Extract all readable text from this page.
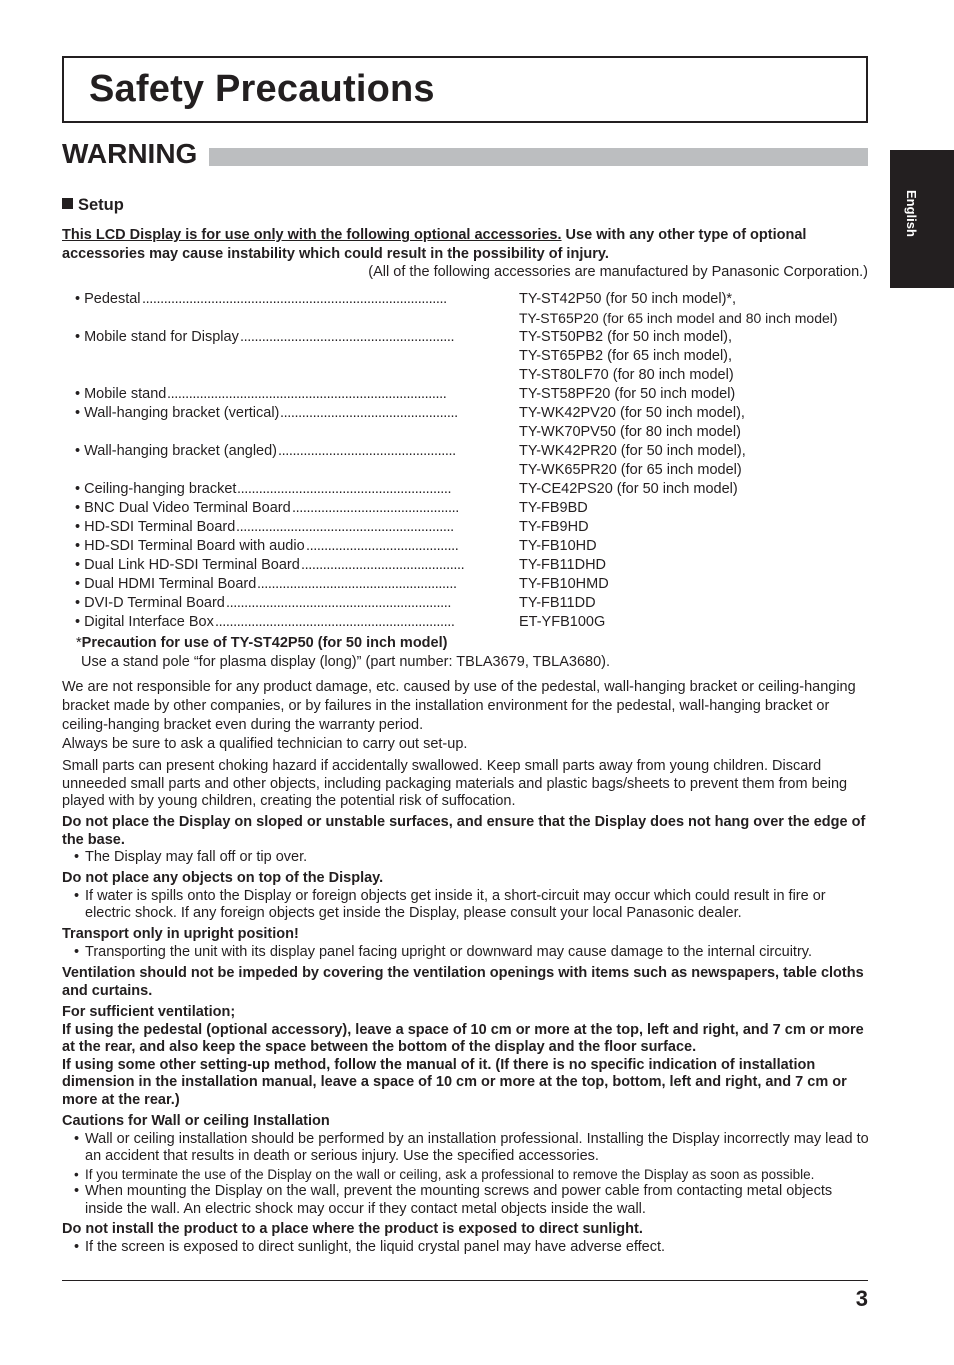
Safety Precautions
WARNING
English
Setup
This LCD Display is for use only with the following optional accessories. Use with any other type of optional accessories may cause instability which could result in the possibility of injury.
(All of the following accessories are manufactured by Panasonic Corporation.)
• Pedestal ....................................................................................	TY-ST42P50 (for 50 inch model)*,
TY-ST65P20 (for 65 inch model and 80 inch model)
• Mobile stand for Display ...........................................................	TY-ST50PB2 (for 50 inch model),
TY-ST65PB2 (for 65 inch model),
TY-ST80LF70 (for 80 inch model)
• Mobile stand .............................................................................	TY-ST58PF20 (for 50 inch model)
• Wall-hanging bracket (vertical) .................................................	TY-WK42PV20 (for 50 inch model),
TY-WK70PV50 (for 80 inch model)
• Wall-hanging bracket (angled) .................................................	TY-WK42PR20 (for 50 inch model),
TY-WK65PR20 (for 65 inch model)
• Ceiling-hanging bracket ...........................................................	TY-CE42PS20 (for 50 inch model)
• BNC Dual Video Terminal Board ..............................................	TY-FB9BD
• HD-SDI Terminal Board ............................................................	TY-FB9HD
• HD-SDI Terminal Board with audio ..........................................	TY-FB10HD
• Dual Link HD-SDI Terminal Board .............................................	TY-FB11DHD
• Dual HDMI Terminal Board .......................................................	TY-FB10HMD
• DVI-D Terminal Board ..............................................................	TY-FB11DD
• Digital Interface Box ..................................................................	ET-YFB100G
*Precaution for use of TY-ST42P50 (for 50 inch model)
Use a stand pole “for plasma display (long)” (part number: TBLA3679, TBLA3680).
We are not responsible for any product damage, etc. caused by use of the pedestal, wall-hanging bracket or ceiling-hanging bracket made by other companies, or by failures in the installation environment for the pedestal, wall-hanging bracket or ceiling-hanging bracket even during the warranty period.
Always be sure to ask a qualified technician to carry out set-up.
Small parts can present choking hazard if accidentally swallowed. Keep small parts away from young children. Discard unneeded small parts and other objects, including packaging materials and plastic bags/sheets to prevent them from being played with by young children, creating the potential risk of suffocation.
Do not place the Display on sloped or unstable surfaces, and ensure that the Display does not hang over the edge of the base.
• The Display may fall off or tip over.
Do not place any objects on top of the Display.
• If water is spills onto the Display or foreign objects get inside it, a short-circuit may occur which could result in fire or electric shock. If any foreign objects get inside the Display, please consult your local Panasonic dealer.
Transport only in upright position!
• Transporting the unit with its display panel facing upright or downward may cause damage to the internal circuitry.
Ventilation should not be impeded by covering the ventilation openings with items such as newspapers, table cloths and curtains.
For sufficient ventilation;
If using the pedestal (optional accessory), leave a space of 10 cm or more at the top, left and right, and 7 cm or more at the rear, and also keep the space between the bottom of the display and the floor surface.
If using some other setting-up method, follow the manual of it. (If there is no specific indication of installation dimension in the installation manual, leave a space of 10 cm or more at the top, bottom, left and right, and 7 cm or more at the rear.)
Cautions for Wall or ceiling Installation
• Wall or ceiling installation should be performed by an installation professional. Installing the Display incorrectly may lead to an accident that results in death or serious injury. Use the specified accessories.
• If you terminate the use of the Display on the wall or ceiling, ask a professional to remove the Display as soon as possible.
• When mounting the Display on the wall, prevent the mounting screws and power cable from contacting metal objects inside the wall. An electric shock may occur if they contact metal objects inside the wall.
Do not install the product to a place where the product is exposed to direct sunlight.
• If the screen is exposed to direct sunlight, the liquid crystal panel may have adverse effect.
3
